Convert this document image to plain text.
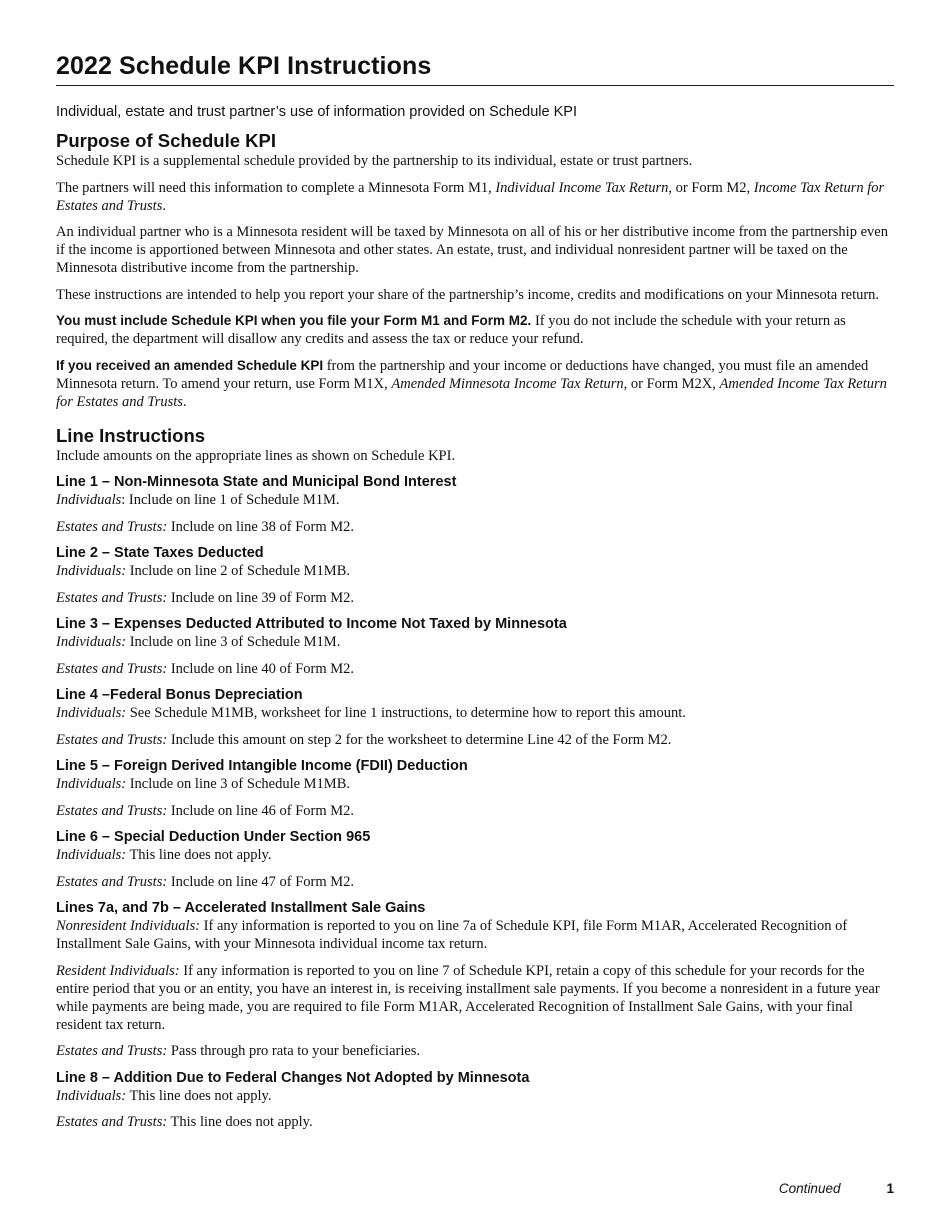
2022 Schedule KPI Instructions
Individual, estate and trust partner’s use of information provided on Schedule KPI
Purpose of Schedule KPI

Schedule KPI is a supplemental schedule provided by the partnership to its individual, estate or trust partners.

The partners will need this information to complete a Minnesota Form M1, Individual Income Tax Return, or Form M2, Income Tax Return for Estates and Trusts.

An individual partner who is a Minnesota resident will be taxed by Minnesota on all of his or her distributive income from the partnership even if the income is apportioned between Minnesota and other states. An estate, trust, and individual nonresident partner will be taxed on the Minnesota distributive income from the partnership.

These instructions are intended to help you report your share of the partnership’s income, credits and modifications on your Minnesota return.

You must include Schedule KPI when you file your Form M1 and Form M2. If you do not include the schedule with your return as required, the department will disallow any credits and assess the tax or reduce your refund.

If you received an amended Schedule KPI from the partnership and your income or deductions have changed, you must file an amended Minnesota return. To amend your return, use Form M1X, Amended Minnesota Income Tax Return, or Form M2X, Amended Income Tax Return for Estates and Trusts.

Line Instructions

Include amounts on the appropriate lines as shown on Schedule KPI.

Line 1 – Non-Minnesota State and Municipal Bond Interest

Individuals: Include on line 1 of Schedule M1M.

Estates and Trusts: Include on line 38 of Form M2.

Line 2 – State Taxes Deducted

Individuals: Include on line 2 of Schedule M1MB.

Estates and Trusts: Include on line 39 of Form M2.

Line 3 – Expenses Deducted Attributed to Income Not Taxed by Minnesota

Individuals: Include on line 3 of Schedule M1M.

Estates and Trusts: Include on line 40 of Form M2.

Line 4 –Federal Bonus Depreciation

Individuals: See Schedule M1MB, worksheet for line 1 instructions, to determine how to report this amount.

Estates and Trusts: Include this amount on step 2 for the worksheet to determine Line 42 of the Form M2.

Line 5 – Foreign Derived Intangible Income (FDII) Deduction

Individuals: Include on line 3 of Schedule M1MB.

Estates and Trusts: Include on line 46 of Form M2.

Line 6 – Special Deduction Under Section 965

Individuals: This line does not apply.

Estates and Trusts: Include on line 47 of Form M2.

Lines 7a, and 7b – Accelerated Installment Sale Gains

Nonresident Individuals: If any information is reported to you on line 7a of Schedule KPI, file Form M1AR, Accelerated Recognition of Installment Sale Gains, with your Minnesota individual income tax return.

Resident Individuals: If any information is reported to you on line 7 of Schedule KPI, retain a copy of this schedule for your records for the entire period that you or an entity, you have an interest in, is receiving installment sale payments. If you become a nonresident in a future year while payments are being made, you are required to file Form M1AR, Accelerated Recognition of Installment Sale Gains, with your final resident tax return.

Estates and Trusts: Pass through pro rata to your beneficiaries.

Line 8 – Addition Due to Federal Changes Not Adopted by Minnesota

Individuals: This line does not apply.

Estates and Trusts: This line does not apply.

Continued	1
